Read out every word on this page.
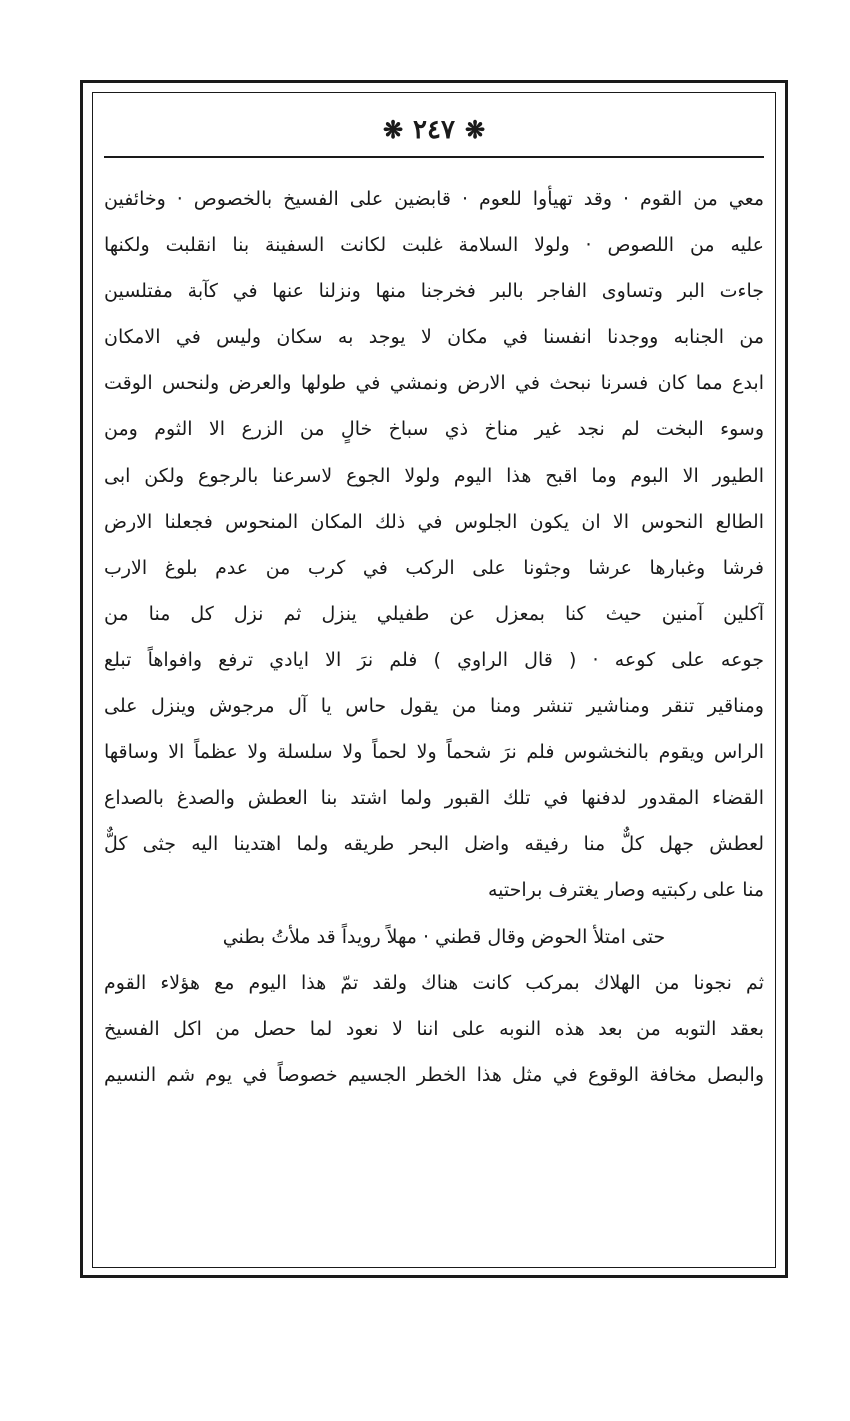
❋ ٢٤٧ ❋
معي من القوم · وقد تهيأوا للعوم · قابضين على الفسيخ بالخصوص · وخائفين
عليه من اللصوص · ولولا السلامة غلبت لكانت السفينة بنا انقلبت ولكنها
جاءت البر وتساوى الفاجر بالبر فخرجنا منها ونزلنا عنها في كآبة مفتلسين
من الجنابه ووجدنا انفسنا في مكان لا يوجد به سكان وليس في الامكان
ابدع مما كان فسرنا نبحث في الارض ونمشي في طولها والعرض ولنحس الوقت
وسوء البخت لم نجد غير مناخ ذي سباخ خالٍ من الزرع الا الثوم ومن
الطيور الا البوم وما اقبح هذا اليوم ولولا الجوع لاسرعنا بالرجوع ولكن ابى
الطالع النحوس الا ان يكون الجلوس في ذلك المكان المنحوس فجعلنا الارض
فرشا وغبارها عرشا وجثونا على الركب في كرب من عدم بلوغ الارب
آكلين آمنين حيث كنا بمعزل عن طفيلي ينزل ثم نزل كل منا من
جوعه على كوعه · ( قال الراوي ) فلم نرَ الا ايادي ترفع وافواهاً تبلع
ومناقير تنقر ومناشير تنشر ومنا من يقول حاس يا آل مرجوش وينزل على
الراس ويقوم بالنخشوس فلم نرَ شحماً ولا لحماً ولا سلسلة ولا عظماً الا وساقها
القضاء المقدور لدفنها في تلك القبور ولما اشتد بنا العطش والصدغ بالصداع
لعطش جهل كلٌّ منا رفيقه واضل البحر طريقه ولما اهتدينا اليه جثى كلٌّ
منا على ركبتيه وصار يغترف براحتيه
حتى امتلأ الحوض وقال قطني · مهلاً رويداً قد ملأتُ بطني
ثم نجونا من الهلاك بمركب كانت هناك ولقد تمّ هذا اليوم مع هؤلاء القوم
بعقد التوبه من بعد هذه النوبه على اننا لا نعود لما حصل من اكل الفسيخ
والبصل مخافة الوقوع في مثل هذا الخطر الجسيم خصوصاً في يوم شم النسيم
